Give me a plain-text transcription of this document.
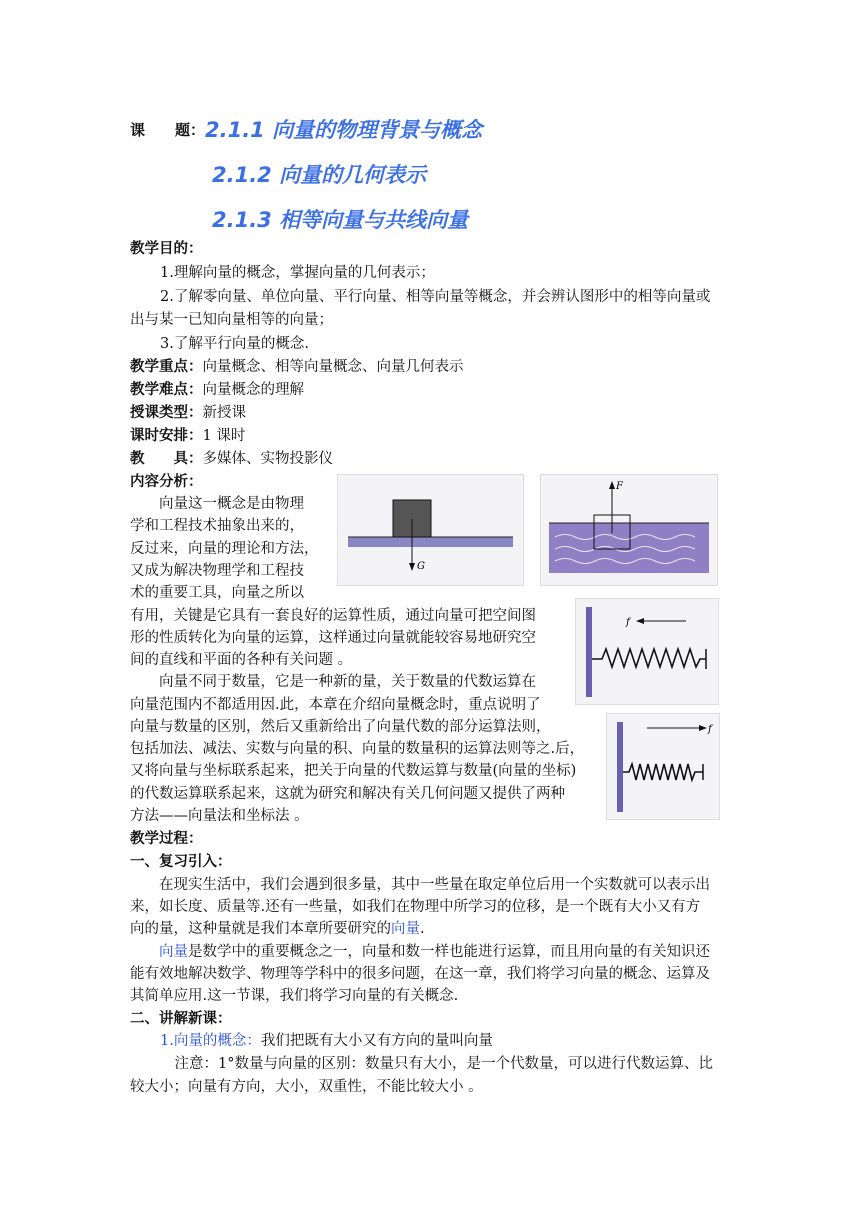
课　　题： 2.1.1 向量的物理背景与概念
2.1.2 向量的几何表示
2.1.3 相等向量与共线向量
教学目的：
1.理解向量的概念，掌握向量的几何表示；
2.了解零向量、单位向量、平行向量、相等向量等概念，并会辨认图形中的相等向量或
出与某一已知向量相等的向量；
3.了解平行向量的概念.
教学重点：向量概念、相等向量概念、向量几何表示
教学难点：向量概念的理解
授课类型：新授课
课时安排：1 课时
教　　具：多媒体、实物投影仪
内容分析：
　　向量这一概念是由物理
学和工程技术抽象出来的，
反过来，向量的理论和方法，
又成为解决物理学和工程技
术的重要工具，向量之所以
有用，关键是它具有一套良好的运算性质，通过向量可把空间图
形的性质转化为向量的运算，这样通过向量就能较容易地研究空
间的直线和平面的各种有关问题 。
　　向量不同于数量，它是一种新的量，关于数量的代数运算在
向量范围内不都适用因.此，本章在介绍向量概念时，重点说明了
向量与数量的区别，然后又重新给出了向量代数的部分运算法则，
包括加法、减法、实数与向量的积、向量的数量积的运算法则等之.后，
又将向量与坐标联系起来，把关于向量的代数运算与数量(向量的坐标)
的代数运算联系起来，这就为研究和解决有关几何问题又提供了两种
方法——向量法和坐标法 。
G
F
f
f
教学过程：
一、复习引入：
　　在现实生活中，我们会遇到很多量，其中一些量在取定单位后用一个实数就可以表示出
来，如长度、质量等.还有一些量，如我们在物理中所学习的位移，是一个既有大小又有方
向的量，这种量就是我们本章所要研究的向量.
　　向量是数学中的重要概念之一，向量和数一样也能进行运算，而且用向量的有关知识还
能有效地解决数学、物理等学科中的很多问题，在这一章，我们将学习向量的概念、运算及
其简单应用.这一节课，我们将学习向量的有关概念.
二、讲解新课：
1.向量的概念：我们把既有大小又有方向的量叫向量
　注意：1°数量与向量的区别：数量只有大小，是一个代数量，可以进行代数运算、比
较大小；向量有方向，大小，双重性，不能比较大小 。
